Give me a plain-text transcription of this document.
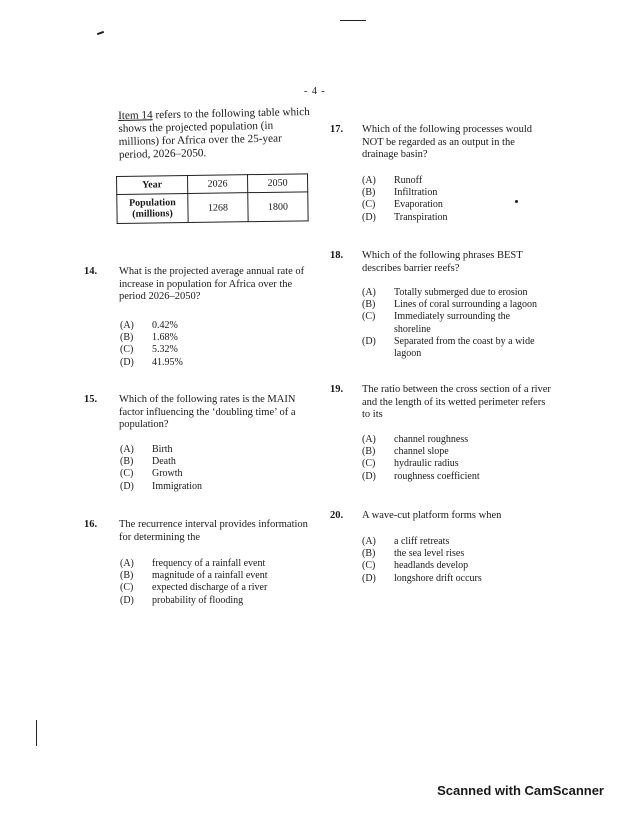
- 4 -
Item 14 refers to the following table which shows the projected population (in millions) for Africa over the 25-year period, 2026–2050.
Year	2026	2050
Population
(millions)	1268	1800
14. What is the projected average annual rate of increase in population for Africa over the period 2026–2050?
(A) 0.42%
(B) 1.68%
(C) 5.32%
(D) 41.95%
15. Which of the following rates is the MAIN factor influencing the ‘doubling time’ of a population?
(A) Birth
(B) Death
(C) Growth
(D) Immigration
16. The recurrence interval provides information for determining the
(A) frequency of a rainfall event
(B) magnitude of a rainfall event
(C) expected discharge of a river
(D) probability of flooding
17. Which of the following processes would NOT be regarded as an output in the drainage basin?
(A) Runoff
(B) Infiltration
(C) Evaporation
(D) Transpiration
18. Which of the following phrases BEST describes barrier reefs?
(A)	Totally submerged due to erosion
(B)	Lines of coral surrounding a lagoon
(C)	Immediately surrounding the shoreline
(D)	Separated from the coast by a wide lagoon
19. The ratio between the cross section of a river and the length of its wetted perimeter refers to its
(A) channel roughness
(B) channel slope
(C) hydraulic radius
(D) roughness coefficient
20. A wave-cut platform forms when
(A) a cliff retreats
(B) the sea level rises
(C) headlands develop
(D) longshore drift occurs
Scanned with CamScanner
